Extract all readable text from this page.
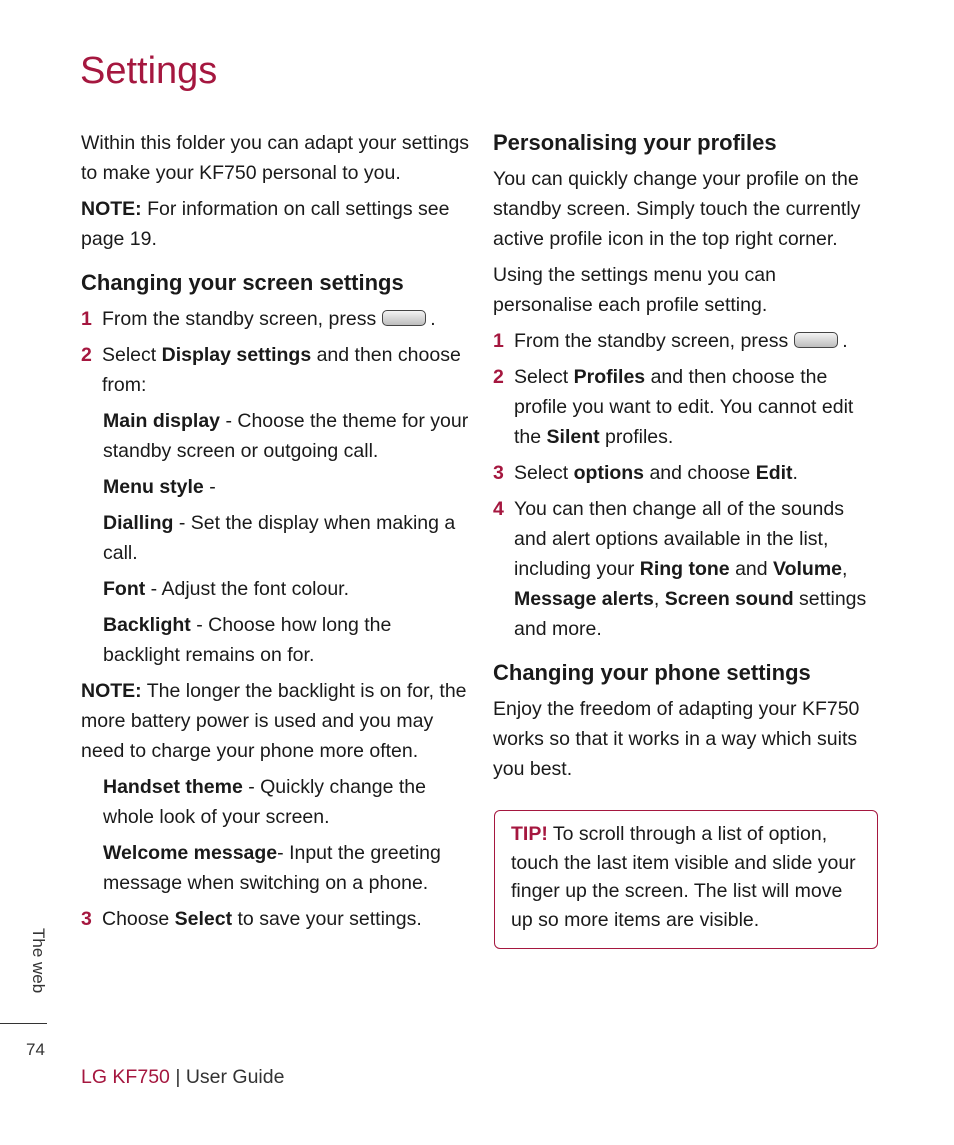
Settings

Within this folder you can adapt your settings to make your KF750 personal to you.

NOTE: For information on call settings see page 19.

Changing your screen settings
1 From the standby screen, press	.
2 Select Display settings and then choose from:

Main display - Choose the theme for your standby screen or outgoing call.

Menu style -

Dialling - Set the display when making a call.

Font - Adjust the font colour.

Backlight - Choose how long the backlight remains on for.

NOTE: The longer the backlight is on for, the more battery power is used and you may need to charge your phone more often.

Handset theme - Quickly change the whole look of your screen.

Welcome message- Input the greeting message when switching on a phone.

3 Choose Select to save your settings.
Personalising your profiles

You can quickly change your profile on the standby screen. Simply touch the currently active profile icon in the top right corner.

Using the settings menu you can personalise each profile setting.

1 From the standby screen, press	.
2 Select Profiles and then choose the profile you want to edit. You cannot edit the Silent profiles.
3 Select options and choose Edit.
4 You can then change all of the sounds and alert options available in the list, including your Ring tone and Volume, Message alerts, Screen sound settings and more.
Changing your phone settings

Enjoy the freedom of adapting your KF750 works so that it works in a way which suits you best.

TIP! To scroll through a list of option, touch the last item visible and slide your finger up the screen. The list will move up so more items are visible.
The web
74
LG KF750 | User Guide
